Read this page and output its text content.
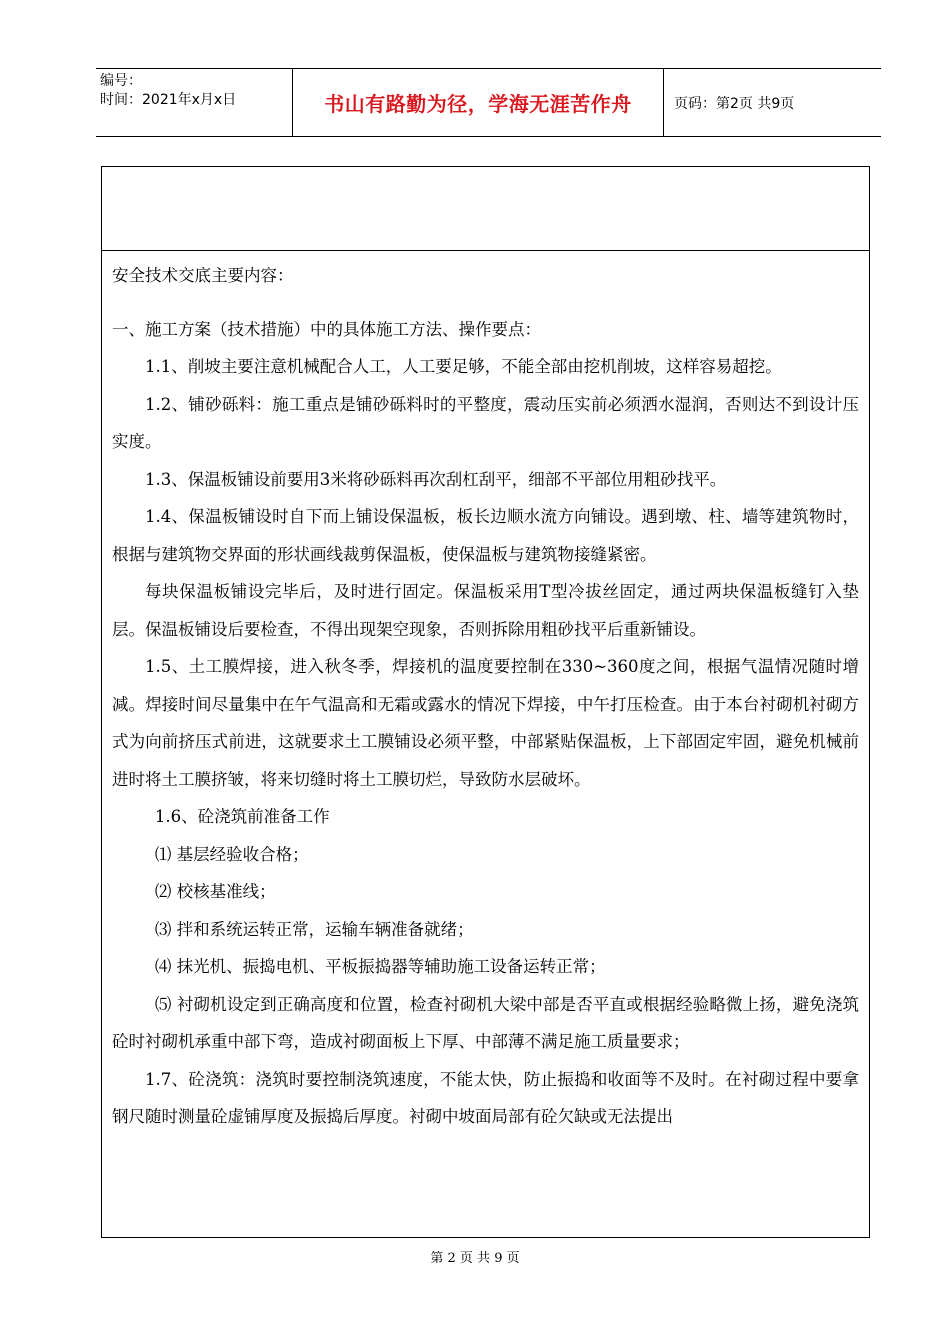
编号：
时间：2021年x月x日	书山有路勤为径，学海无涯苦作舟	页码：第2页 共9页

安全技术交底主要内容：

一、施工方案（技术措施）中的具体施工方法、操作要点：

1.1、削坡主要注意机械配合人工，人工要足够，不能全部由挖机削坡，这样容易超挖。

1.2、铺砂砾料：施工重点是铺砂砾料时的平整度，震动压实前必须洒水湿润，否则达不到设计压实度。

1.3、保温板铺设前要用3米将砂砾料再次刮杠刮平，细部不平部位用粗砂找平。

1.4、保温板铺设时自下而上铺设保温板，板长边顺水流方向铺设。遇到墩、柱、墙等建筑物时，根据与建筑物交界面的形状画线裁剪保温板，使保温板与建筑物接缝紧密。

每块保温板铺设完毕后，及时进行固定。保温板采用T型冷拔丝固定，通过两块保温板缝钉入垫层。保温板铺设后要检查，不得出现架空现象，否则拆除用粗砂找平后重新铺设。

1.5、土工膜焊接，进入秋冬季，焊接机的温度要控制在330~360度之间，根据气温情况随时增减。焊接时间尽量集中在午气温高和无霜或露水的情况下焊接，中午打压检查。由于本台衬砌机衬砌方式为向前挤压式前进，这就要求土工膜铺设必须平整，中部紧贴保温板，上下部固定牢固，避免机械前进时将土工膜挤皱，将来切缝时将土工膜切烂，导致防水层破坏。

1.6、砼浇筑前准备工作

⑴ 基层经验收合格；

⑵ 校核基准线；

⑶ 拌和系统运转正常，运输车辆准备就绪；

⑷ 抹光机、振捣电机、平板振捣器等辅助施工设备运转正常；

⑸ 衬砌机设定到正确高度和位置，检查衬砌机大梁中部是否平直或根据经验略微上扬，避免浇筑砼时衬砌机承重中部下弯，造成衬砌面板上下厚、中部薄不满足施工质量要求；

1.7、砼浇筑：浇筑时要控制浇筑速度，不能太快，防止振捣和收面等不及时。在衬砌过程中要拿钢尺随时测量砼虚铺厚度及振捣后厚度。衬砌中坡面局部有砼欠缺或无法提出

第 2 页 共 9 页
